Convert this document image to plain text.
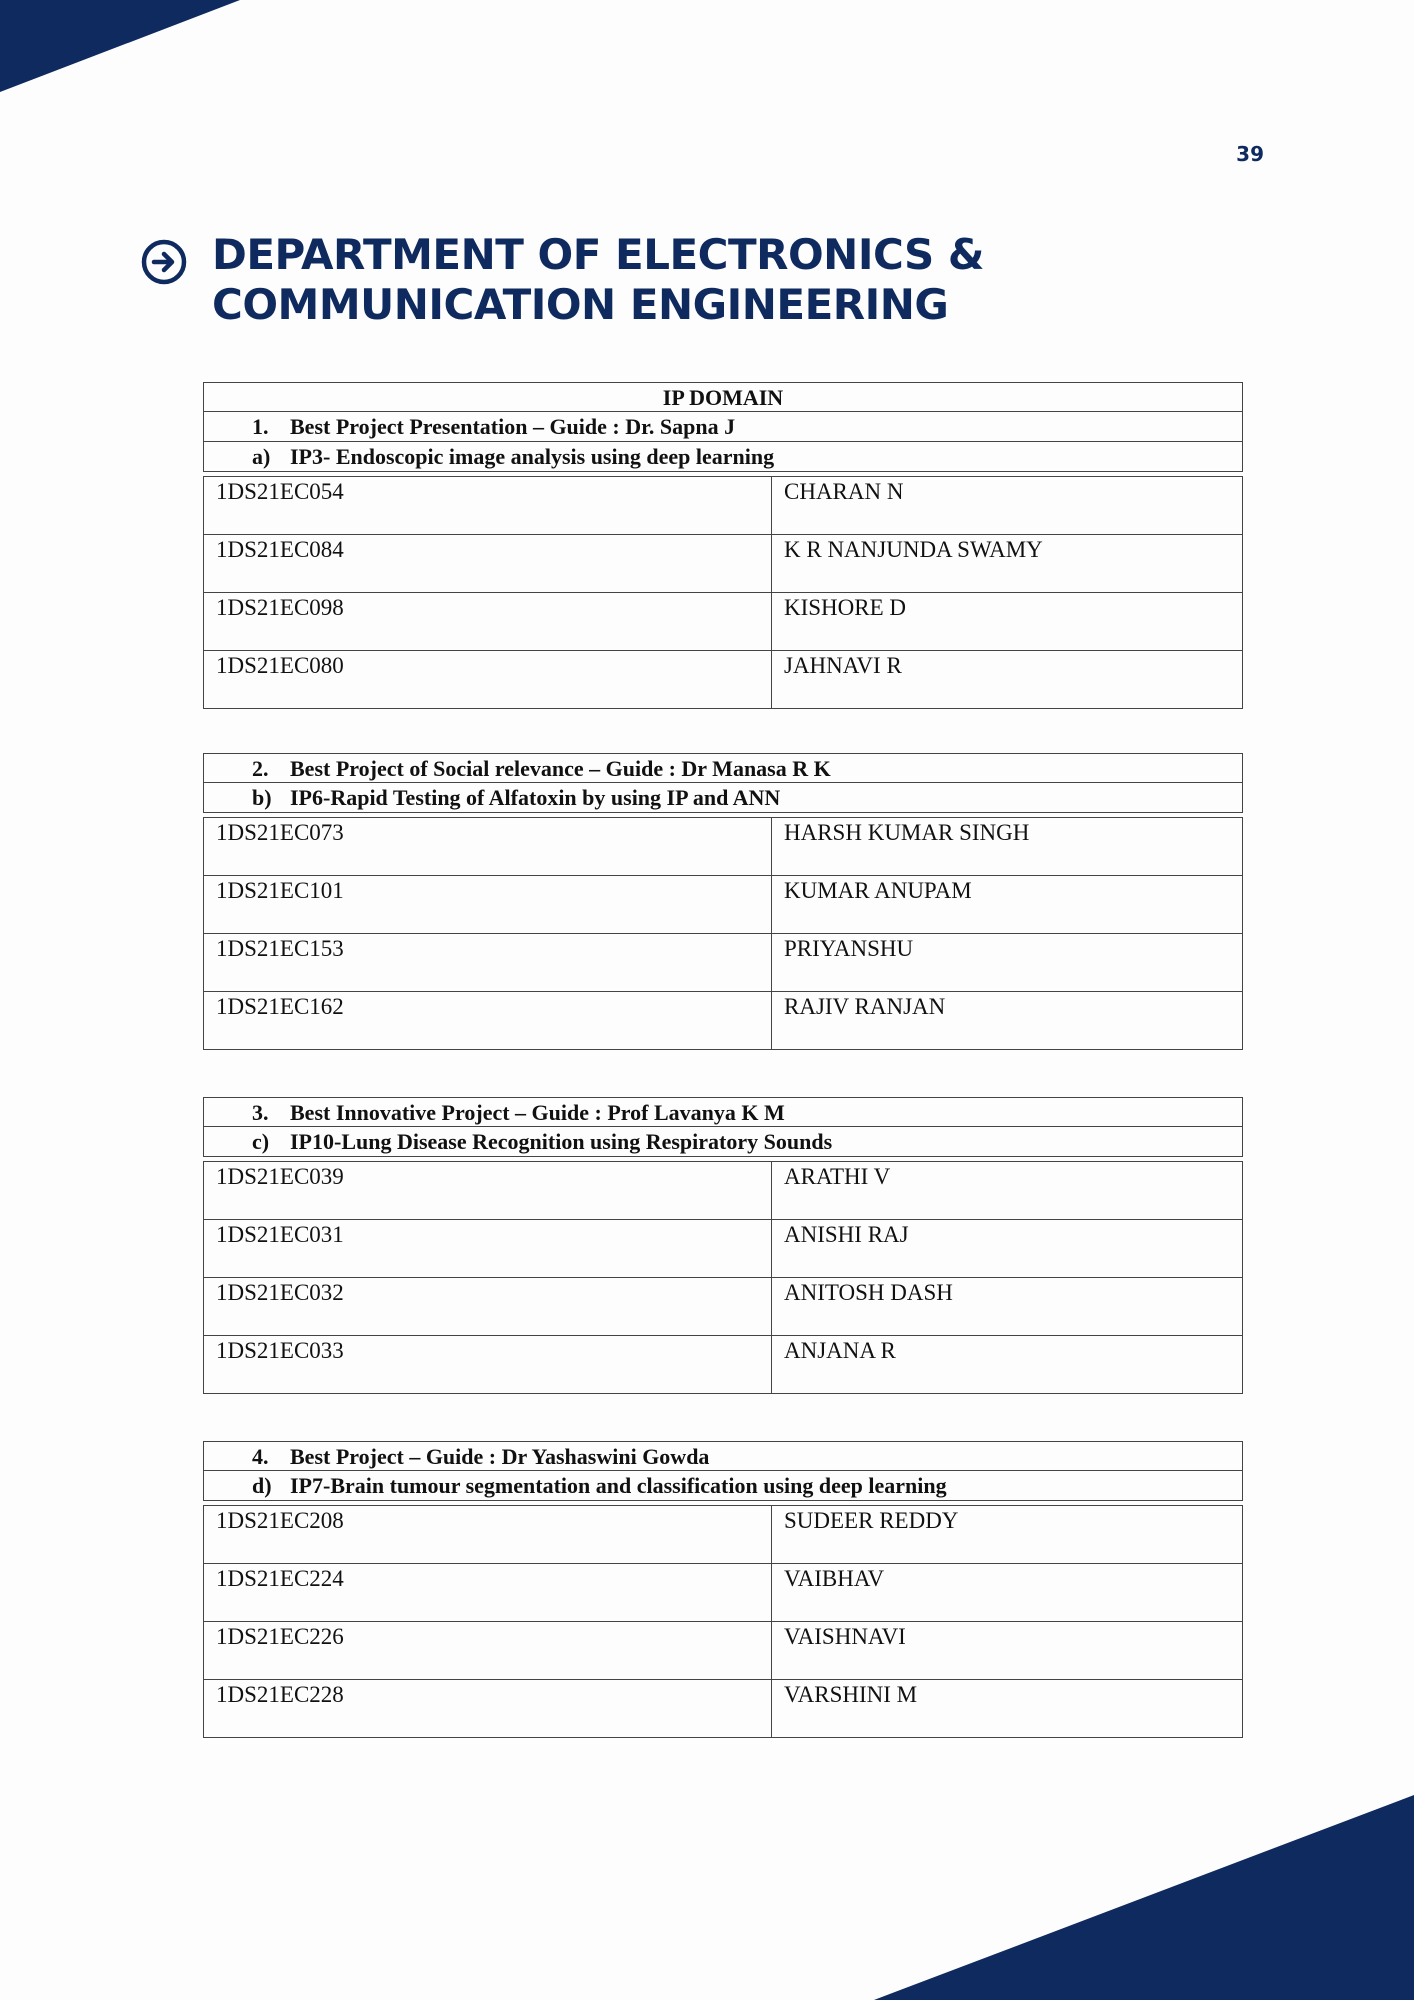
39
DEPARTMENT OF ELECTRONICS &
COMMUNICATION ENGINEERING
IP DOMAIN
1. Best Project Presentation – Guide : Dr. Sapna J
a) IP3- Endoscopic image analysis using deep learning
1DS21EC054	CHARAN N
1DS21EC084	K R NANJUNDA SWAMY
1DS21EC098	KISHORE D
1DS21EC080	JAHNAVI R
2. Best Project of Social relevance – Guide : Dr Manasa R K
b) IP6-Rapid Testing of Alfatoxin by using IP and ANN
1DS21EC073	HARSH KUMAR SINGH
1DS21EC101	KUMAR ANUPAM
1DS21EC153	PRIYANSHU
1DS21EC162	RAJIV RANJAN
3. Best Innovative Project – Guide : Prof Lavanya K M
c) IP10-Lung Disease Recognition using Respiratory Sounds
1DS21EC039	ARATHI V
1DS21EC031	ANISHI RAJ
1DS21EC032	ANITOSH DASH
1DS21EC033	ANJANA R
4. Best Project – Guide : Dr Yashaswini Gowda
d) IP7-Brain tumour segmentation and classification using deep learning
1DS21EC208	SUDEER REDDY
1DS21EC224	VAIBHAV
1DS21EC226	VAISHNAVI
1DS21EC228	VARSHINI M
